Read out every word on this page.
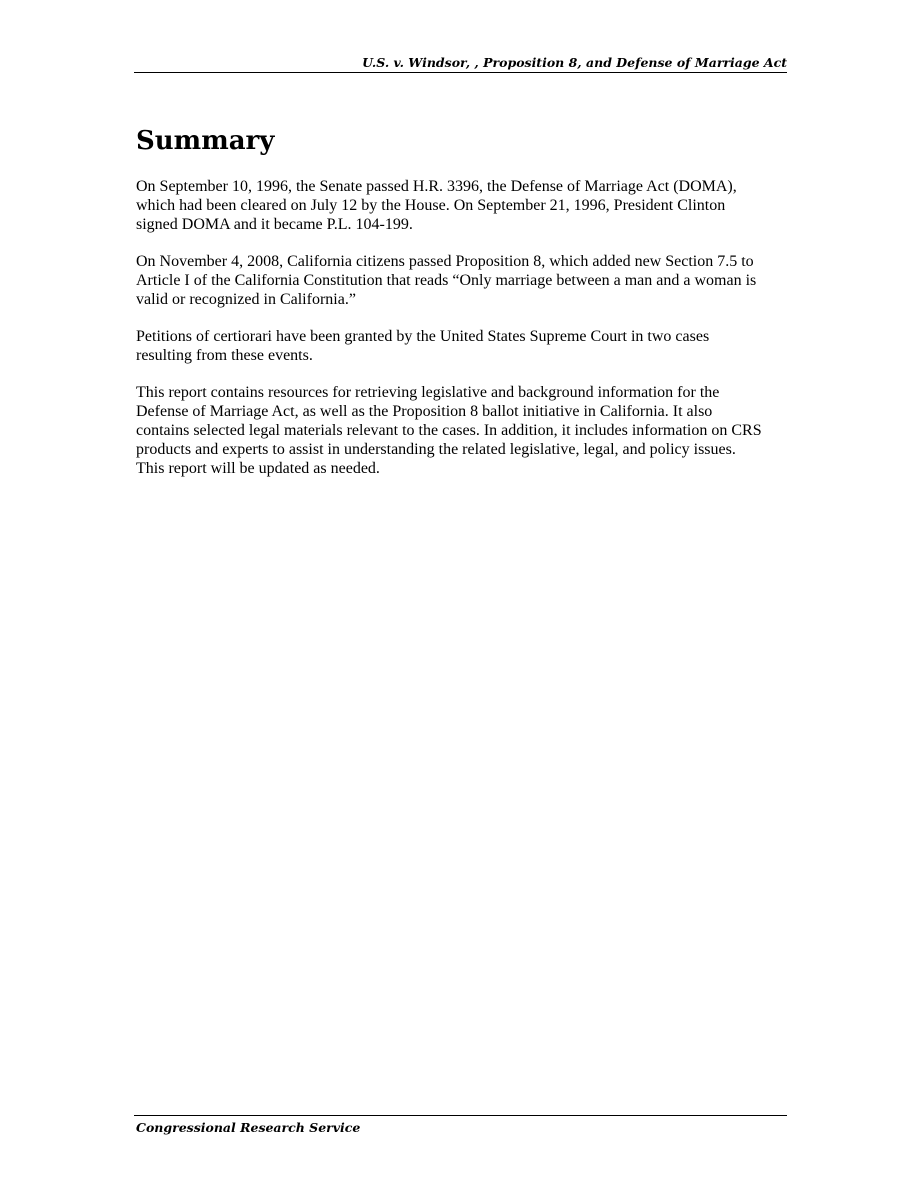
U.S. v. Windsor, , Proposition 8, and Defense of Marriage Act
Summary

On September 10, 1996, the Senate passed H.R. 3396, the Defense of Marriage Act (DOMA),
which had been cleared on July 12 by the House. On September 21, 1996, President Clinton
signed DOMA and it became P.L. 104-199.

On November 4, 2008, California citizens passed Proposition 8, which added new Section 7.5 to
Article I of the California Constitution that reads “Only marriage between a man and a woman is
valid or recognized in California.”

Petitions of certiorari have been granted by the United States Supreme Court in two cases
resulting from these events.

This report contains resources for retrieving legislative and background information for the
Defense of Marriage Act, as well as the Proposition 8 ballot initiative in California. It also
contains selected legal materials relevant to the cases. In addition, it includes information on CRS
products and experts to assist in understanding the related legislative, legal, and policy issues.
This report will be updated as needed.

Congressional Research Service
